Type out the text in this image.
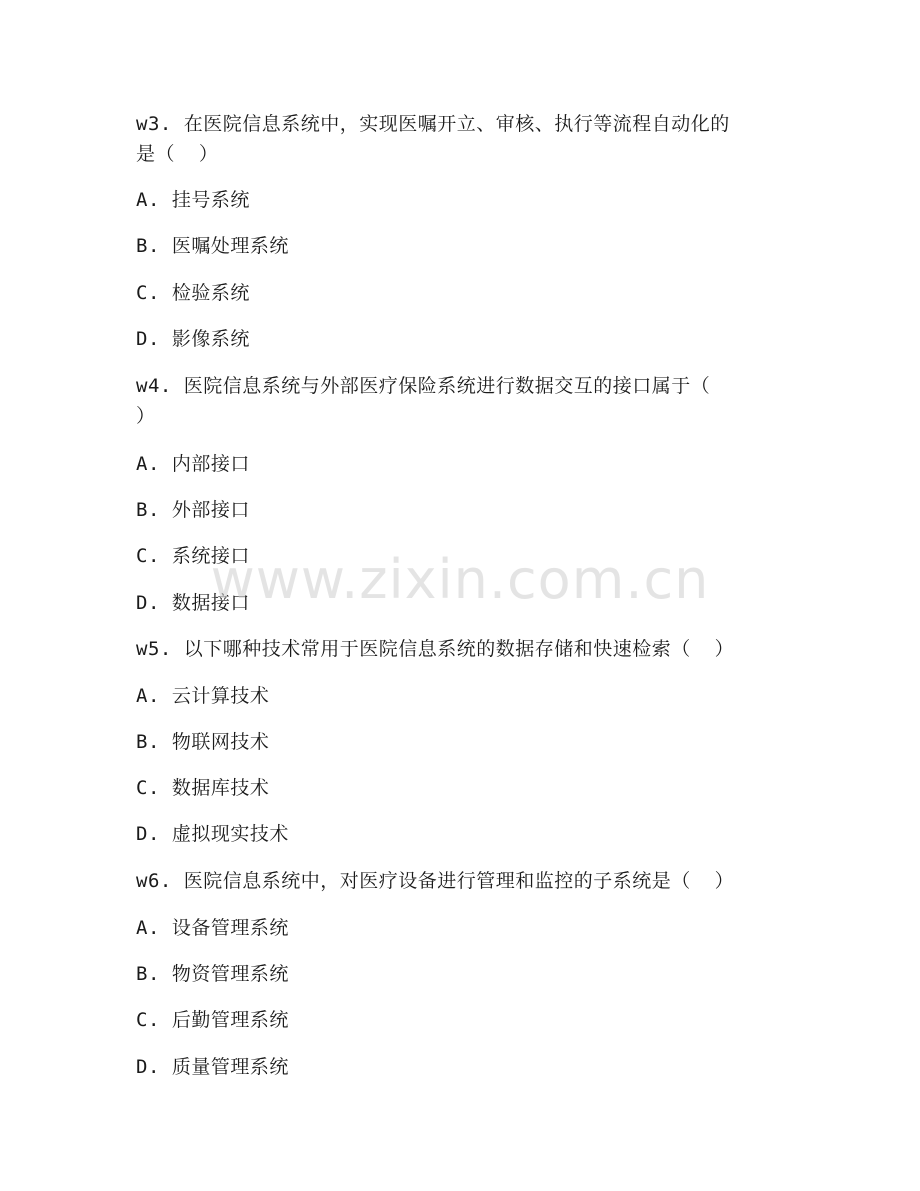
w3. 在医院信息系统中，实现医嘱开立、审核、执行等流程自动化的
是（  ）
A. 挂号系统
B. 医嘱处理系统
C. 检验系统
D. 影像系统
w4. 医院信息系统与外部医疗保险系统进行数据交互的接口属于（
）
A. 内部接口
B. 外部接口
C. 系统接口
D. 数据接口
w5. 以下哪种技术常用于医院信息系统的数据存储和快速检索（  ）
A. 云计算技术
B. 物联网技术
C. 数据库技术
D. 虚拟现实技术
w6. 医院信息系统中，对医疗设备进行管理和监控的子系统是（  ）
A. 设备管理系统
B. 物资管理系统
C. 后勤管理系统
D. 质量管理系统
www.zixin.com.cn
